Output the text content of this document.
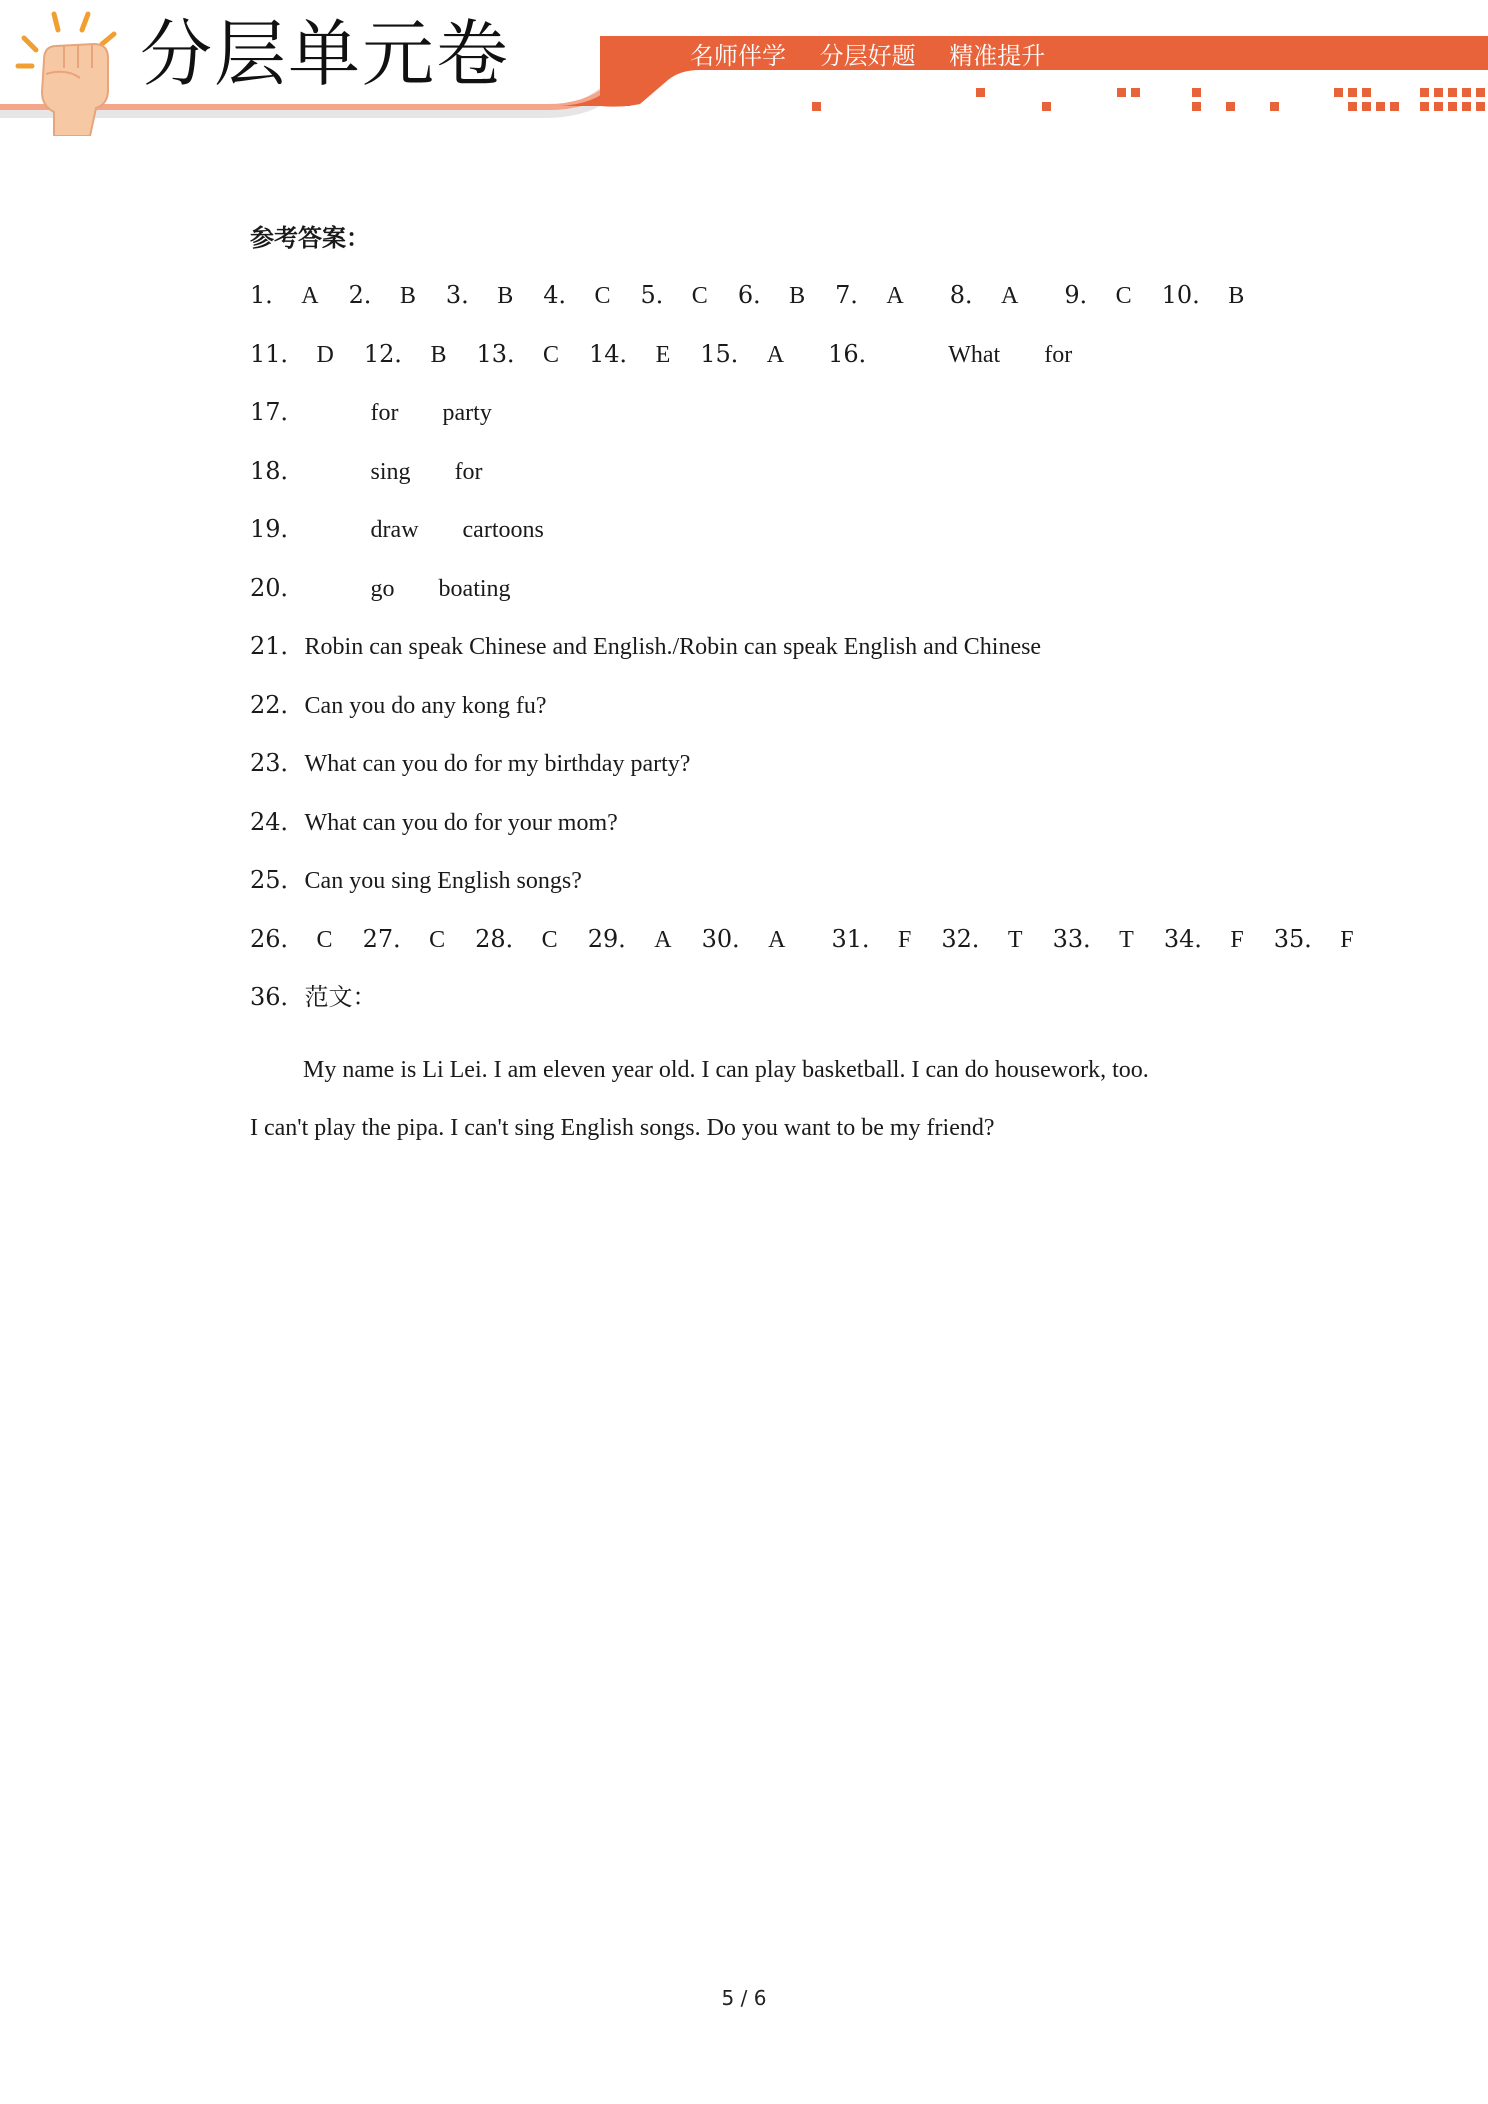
分层单元卷	名师伴学 分层好题 精准提升
参考答案：
1． A 2． B 3． B 4． C 5． C 6． B 7． A 8． A 9． C 10． B
11． D 12． B 13． C 14． E 15． A 16．	What for
17．	for party
18．	sing for
19．	draw cartoons
20．	go boating
21．Robin can speak Chinese and English./Robin can speak English and Chinese
22．Can you do any kong fu?
23．What can you do for my birthday party?
24．What can you do for your mom?
25．Can you sing English songs?
26． C 27． C 28． C 29． A 30． A 31． F 32． T 33． T 34． F 35． F
36．范文：
My name is Li Lei. I am eleven year old. I can play basketball. I can do housework, too.
I can't play the pipa. I can't sing English songs. Do you want to be my friend?
5 / 6
